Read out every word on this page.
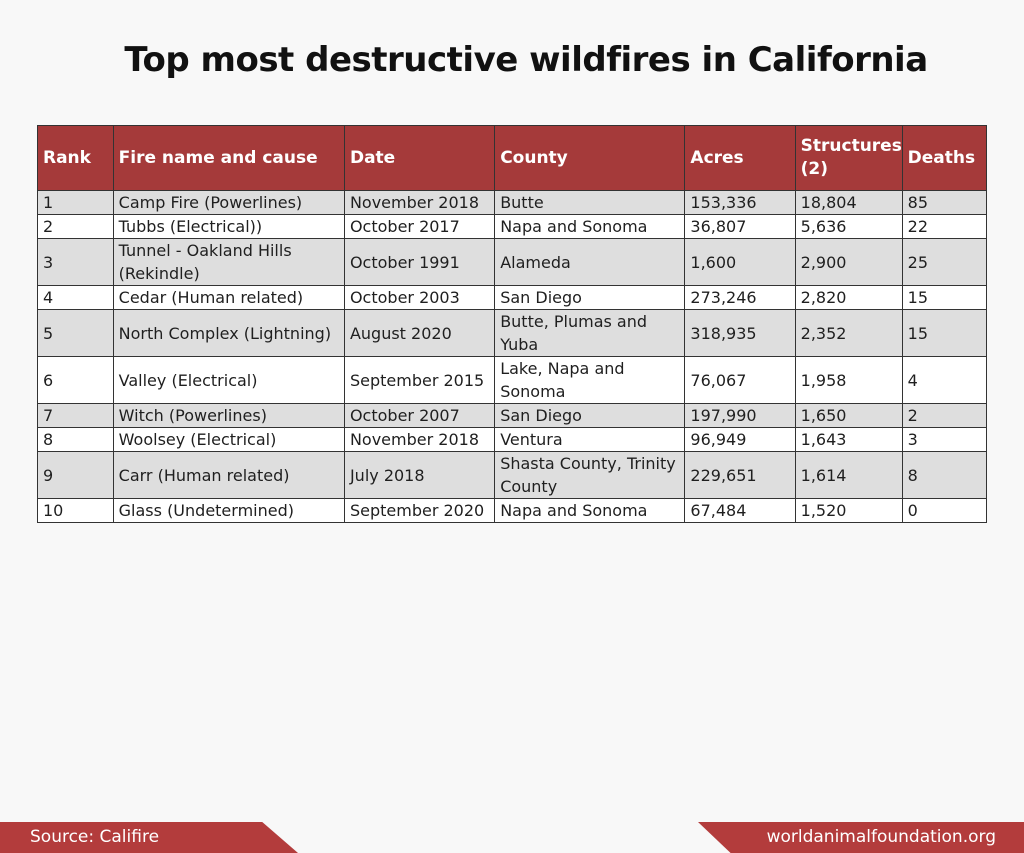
Top most destructive wildfires in California
Rank	Fire name and cause	Date	County	Acres	Structures (2)	Deaths
1	Camp Fire (Powerlines)	November 2018	Butte	153,336	18,804	85
2	Tubbs (Electrical))	October 2017	Napa and Sonoma	36,807	5,636	22
3	Tunnel - Oakland Hills (Rekindle)	October 1991	Alameda	1,600	2,900	25
4	Cedar (Human related)	October 2003	San Diego	273,246	2,820	15
5	North Complex (Lightning)	August 2020	Butte, Plumas and Yuba	318,935	2,352	15
6	Valley (Electrical)	September 2015	Lake, Napa and Sonoma	76,067	1,958	4
7	Witch (Powerlines)	October 2007	San Diego	197,990	1,650	2
8	Woolsey (Electrical)	November 2018	Ventura	96,949	1,643	3
9	Carr (Human related)	July 2018	Shasta County, Trinity County	229,651	1,614	8
10	Glass (Undetermined)	September 2020	Napa and Sonoma	67,484	1,520	0
Source: Califire	worldanimalfoundation.org
